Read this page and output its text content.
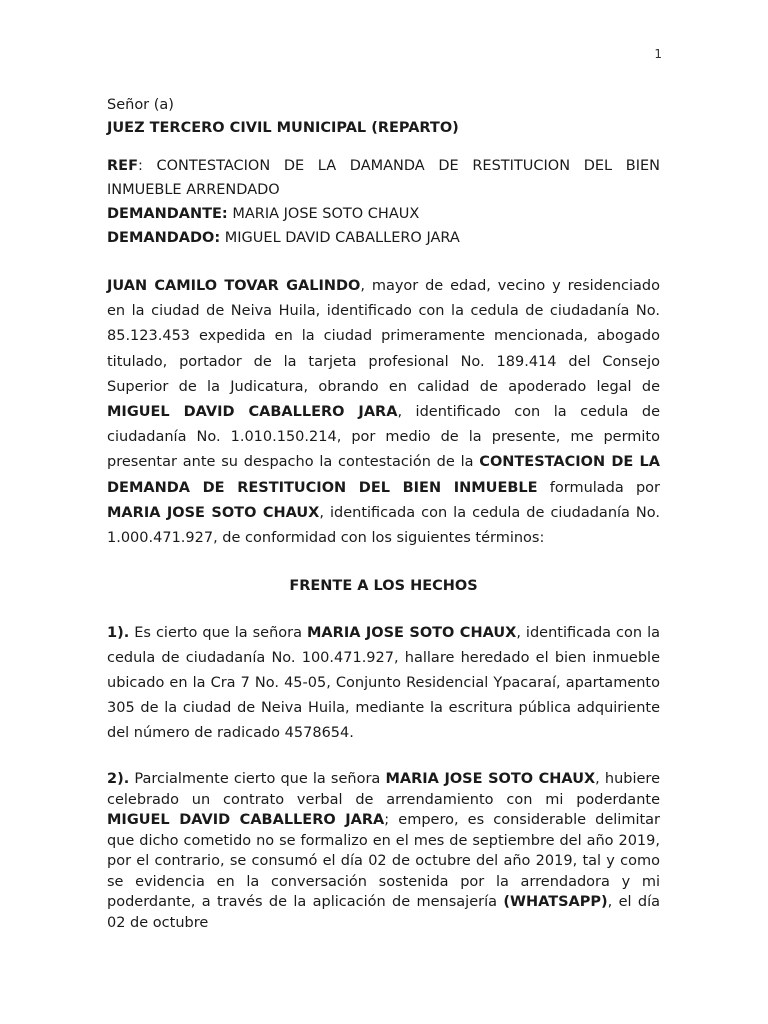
1
Señor (a)
JUEZ TERCERO CIVIL MUNICIPAL (REPARTO)
REF: CONTESTACION DE LA DAMANDA DE RESTITUCION DEL BIEN INMUEBLE ARRENDADO
DEMANDANTE: MARIA JOSE SOTO CHAUX
DEMANDADO: MIGUEL DAVID CABALLERO JARA
JUAN CAMILO TOVAR GALINDO, mayor de edad, vecino y residenciado en la ciudad de Neiva Huila, identificado con la cedula de ciudadanía No. 85.123.453 expedida en la ciudad primeramente mencionada, abogado titulado, portador de la tarjeta profesional No. 189.414 del Consejo Superior de la Judicatura, obrando en calidad de apoderado legal de MIGUEL DAVID CABALLERO JARA, identificado con la cedula de ciudadanía No. 1.010.150.214, por medio de la presente, me permito presentar ante su despacho la contestación de la CONTESTACION DE LA DEMANDA DE RESTITUCION DEL BIEN INMUEBLE formulada por MARIA JOSE SOTO CHAUX, identificada con la cedula de ciudadanía No. 1.000.471.927, de conformidad con los siguientes términos:
FRENTE A LOS HECHOS
1). Es cierto que la señora MARIA JOSE SOTO CHAUX, identificada con la cedula de ciudadanía No. 100.471.927, hallare heredado el bien inmueble ubicado en la Cra 7 No. 45-05, Conjunto Residencial Ypacaraí, apartamento 305 de la ciudad de Neiva Huila, mediante la escritura pública adquiriente del número de radicado 4578654.
2). Parcialmente cierto que la señora MARIA JOSE SOTO CHAUX, hubiere celebrado un contrato verbal de arrendamiento con mi poderdante MIGUEL DAVID CABALLERO JARA; empero, es considerable delimitar que dicho cometido no se formalizo en el mes de septiembre del año 2019, por el contrario, se consumó el día 02 de octubre del año 2019, tal y como se evidencia en la conversación sostenida por la arrendadora y mi poderdante, a través de la aplicación de mensajería (WHATSAPP), el día 02 de octubre
